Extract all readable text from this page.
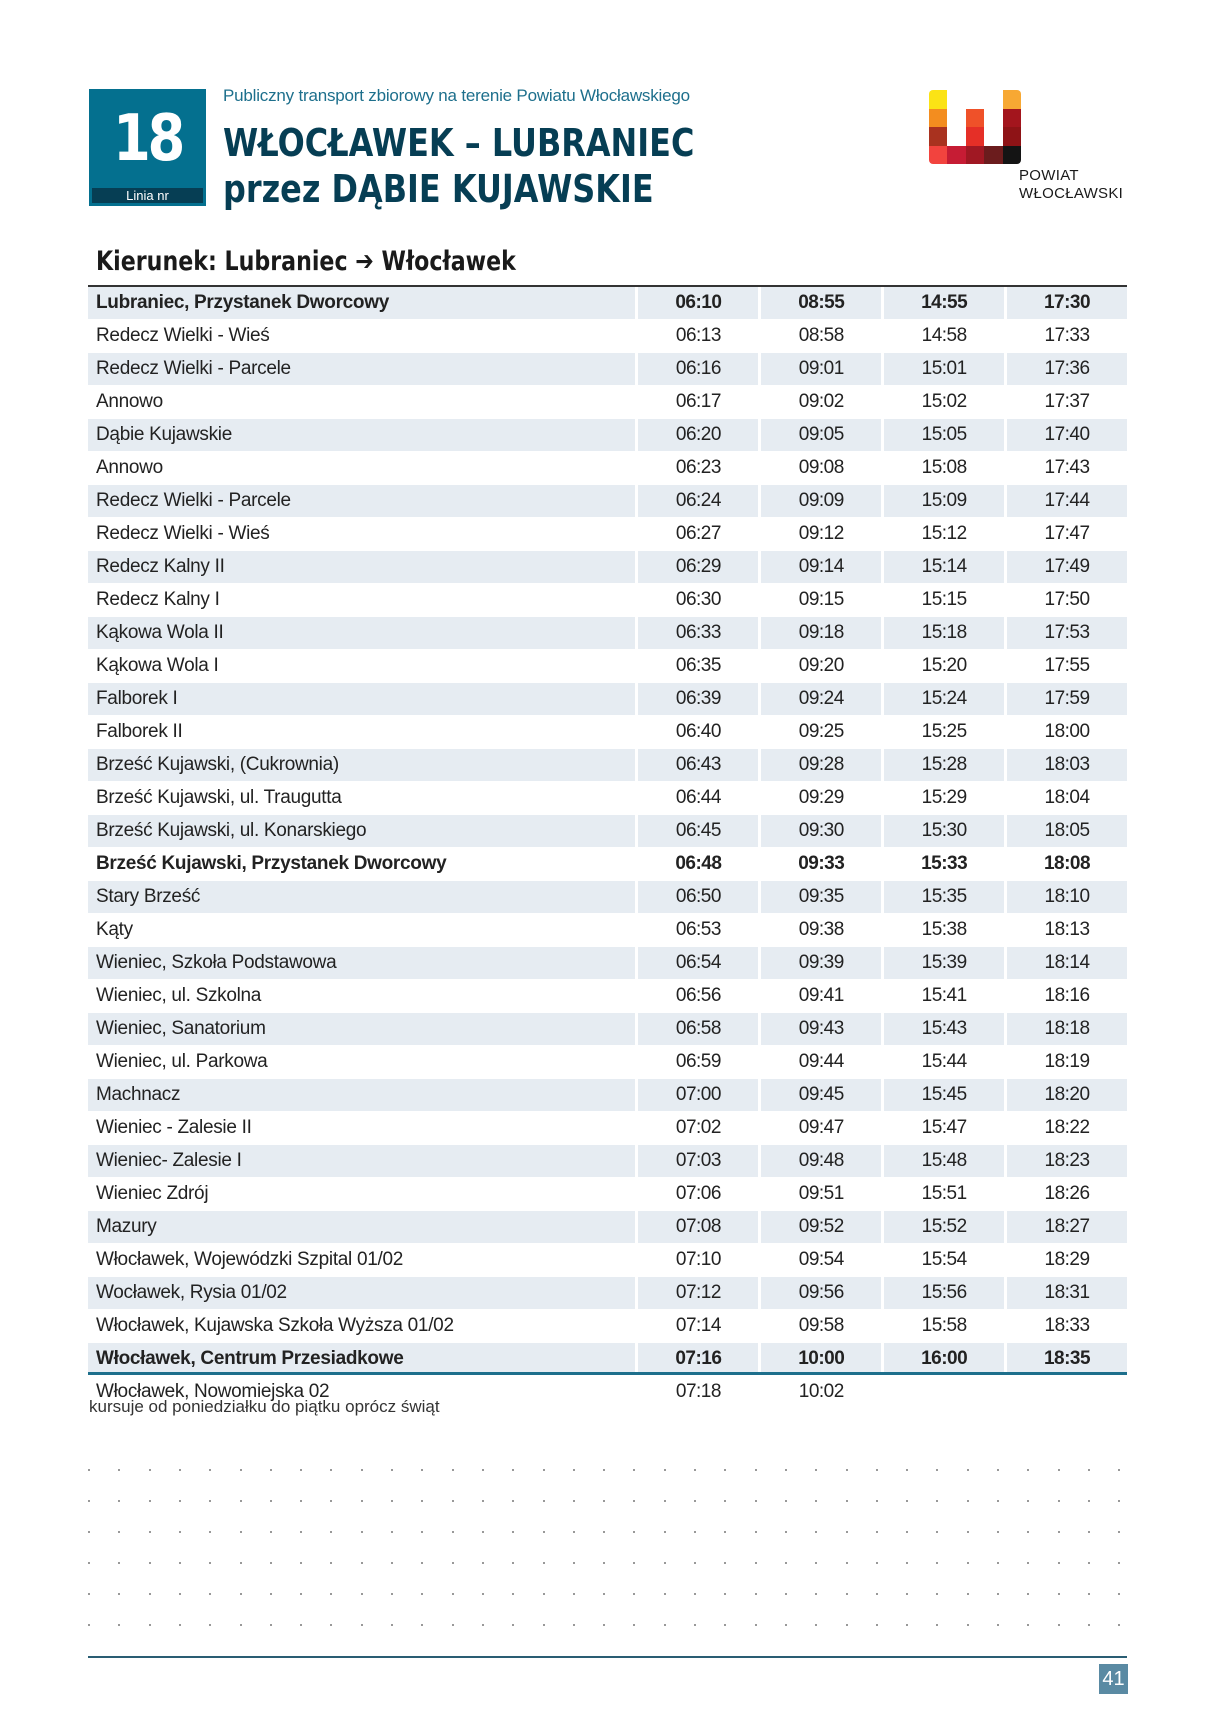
18
Linia nr
Publiczny transport zbiorowy na terenie Powiatu Włocławskiego
WŁOCŁAWEK – LUBRANIEC
przez DĄBIE KUJAWSKIE	POWIAT
WŁOCŁAWSKI
Kierunek: Lubraniec ➔ Włocławek
Lubraniec, Przystanek Dworcowy	06:10	08:55	14:55	17:30
Redecz Wielki - Wieś	06:13	08:58	14:58	17:33
Redecz Wielki - Parcele	06:16	09:01	15:01	17:36
Annowo	06:17	09:02	15:02	17:37
Dąbie Kujawskie	06:20	09:05	15:05	17:40
Annowo	06:23	09:08	15:08	17:43
Redecz Wielki - Parcele	06:24	09:09	15:09	17:44
Redecz Wielki - Wieś	06:27	09:12	15:12	17:47
Redecz Kalny II	06:29	09:14	15:14	17:49
Redecz Kalny I	06:30	09:15	15:15	17:50
Kąkowa Wola II	06:33	09:18	15:18	17:53
Kąkowa Wola I	06:35	09:20	15:20	17:55
Falborek I	06:39	09:24	15:24	17:59
Falborek II	06:40	09:25	15:25	18:00
Brześć Kujawski, (Cukrownia)	06:43	09:28	15:28	18:03
Brześć Kujawski, ul. Traugutta	06:44	09:29	15:29	18:04
Brześć Kujawski, ul. Konarskiego	06:45	09:30	15:30	18:05
Brześć Kujawski, Przystanek Dworcowy	06:48	09:33	15:33	18:08
Stary Brześć	06:50	09:35	15:35	18:10
Kąty	06:53	09:38	15:38	18:13
Wieniec, Szkoła Podstawowa	06:54	09:39	15:39	18:14
Wieniec, ul. Szkolna	06:56	09:41	15:41	18:16
Wieniec, Sanatorium	06:58	09:43	15:43	18:18
Wieniec, ul. Parkowa	06:59	09:44	15:44	18:19
Machnacz	07:00	09:45	15:45	18:20
Wieniec - Zalesie II	07:02	09:47	15:47	18:22
Wieniec- Zalesie I	07:03	09:48	15:48	18:23
Wieniec Zdrój	07:06	09:51	15:51	18:26
Mazury	07:08	09:52	15:52	18:27
Włocławek, Wojewódzki Szpital 01/02	07:10	09:54	15:54	18:29
Wocławek, Rysia 01/02	07:12	09:56	15:56	18:31
Włocławek, Kujawska Szkoła Wyższa 01/02	07:14	09:58	15:58	18:33
Włocławek, Centrum Przesiadkowe	07:16	10:00	16:00	18:35
Włocławek, Nowomiejska 02	07:18	10:02
kursuje od poniedziałku do piątku oprócz świąt
41
